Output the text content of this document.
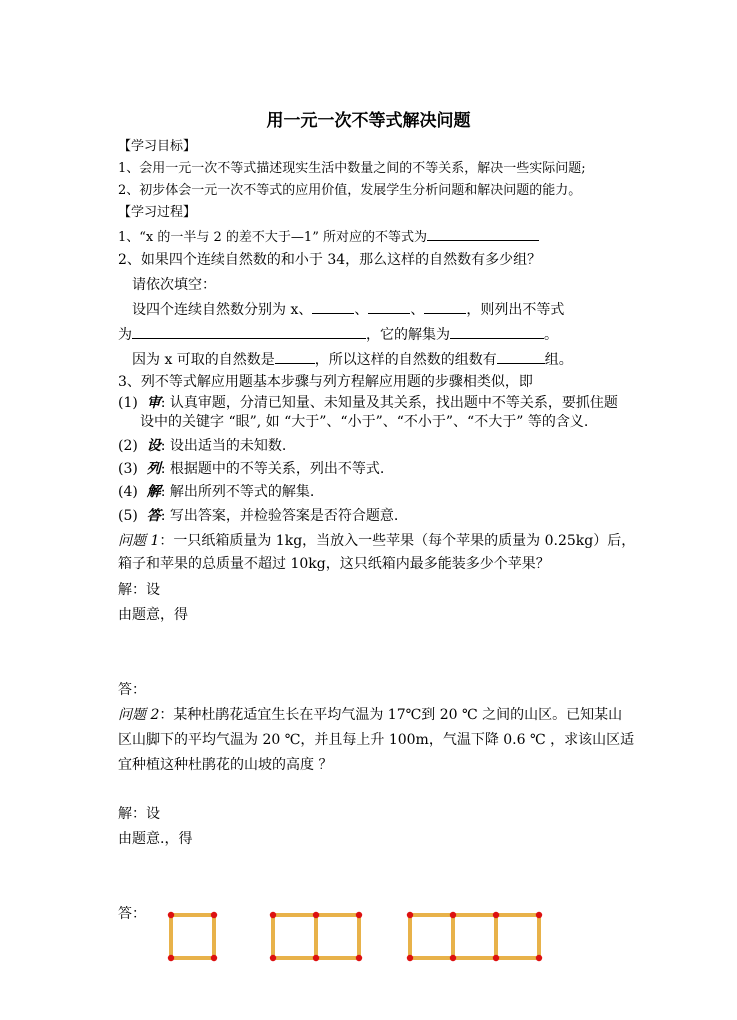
用一元一次不等式解决问题
【学习目标】
1、会用一元一次不等式描述现实生活中数量之间的不等关系，解决一些实际问题;
2、初步体会一元一次不等式的应用价值，发展学生分析问题和解决问题的能力。
【学习过程】
1、“x 的一半与 2 的差不大于—1” 所对应的不等式为
2、如果四个连续自然数的和小于 34，那么这样的自然数有多少组？
请依次填空：
设四个连续自然数分别为 x、	、	、	，则列出不等式
为	，它的解集为	。
因为 x 可取的自然数是	，所以这样的自然数的组数有	组。
3、列不等式解应用题基本步骤与列方程解应用题的步骤相类似，即
(1) 审: 认真审题，分清已知量、未知量及其关系，找出题中不等关系，要抓住题
设中的关键字 “眼”, 如 “大于”、“小于”、“不小于”、“不大于” 等的含义.
(2) 设: 设出适当的未知数.
(3) 列: 根据题中的不等关系，列出不等式.
(4) 解: 解出所列不等式的解集.
(5) 答: 写出答案，并检验答案是否符合题意.
问题 1：一只纸箱质量为 1kg，当放入一些苹果（每个苹果的质量为 0.25kg）后，
箱子和苹果的总质量不超过 10kg，这只纸箱内最多能装多少个苹果？
解：设
由题意，得
答：
问题 2：某种杜鹃花适宜生长在平均气温为 17℃到 20 ℃ 之间的山区。已知某山
区山脚下的平均气温为 20 ℃，并且每上升 100m，气温下降 0.6 ℃ ，求该山区适
宜种植这种杜鹃花的山坡的高度 ？
解：设
由题意.，得
答：
